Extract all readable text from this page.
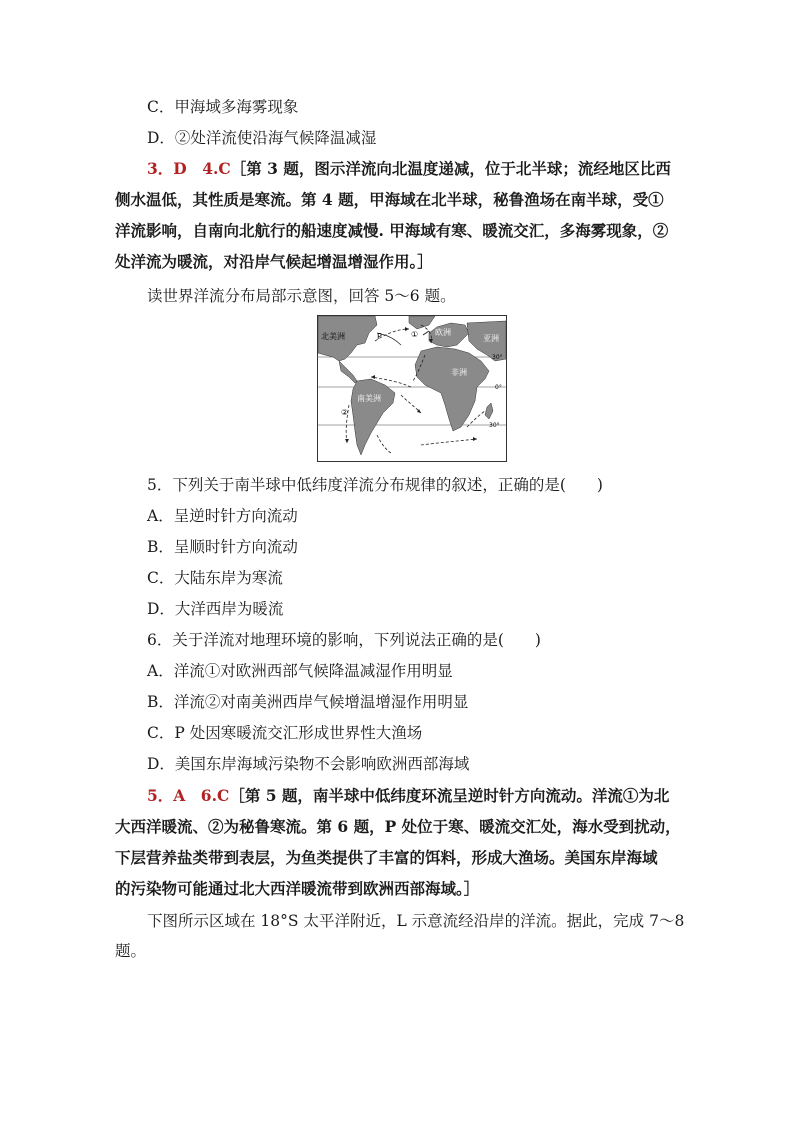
C．甲海域多海雾现象
D．②处洋流使沿海气候降温减湿
3．D　4.C［第 3 题，图示洋流向北温度递减，位于北半球；流经地区比西
侧水温低，其性质是寒流。第 4 题，甲海域在北半球，秘鲁渔场在南半球，受①
洋流影响，自南向北航行的船速度减慢. 甲海域有寒、暖流交汇，多海雾现象，②
处洋流为暖流，对沿岸气候起增温增湿作用。］
读世界洋流分布局部示意图，回答 5～6 题。
北美洲	P	① 欧洲
亚洲
30°
非洲
0°
南美洲
②
30°
5．下列关于南半球中低纬度洋流分布规律的叙述，正确的是(　　)
A．呈逆时针方向流动
B．呈顺时针方向流动
C．大陆东岸为寒流
D．大洋西岸为暖流
6．关于洋流对地理环境的影响，下列说法正确的是(　　)
A．洋流①对欧洲西部气候降温减湿作用明显
B．洋流②对南美洲西岸气候增温增湿作用明显
C．P 处因寒暖流交汇形成世界性大渔场
D．美国东岸海域污染物不会影响欧洲西部海域
5．A　6.C［第 5 题，南半球中低纬度环流呈逆时针方向流动。洋流①为北
大西洋暖流、②为秘鲁寒流。第 6 题，P 处位于寒、暖流交汇处，海水受到扰动，
下层营养盐类带到表层，为鱼类提供了丰富的饵料，形成大渔场。美国东岸海域
的污染物可能通过北大西洋暖流带到欧洲西部海域。］
下图所示区域在 18°S 太平洋附近，L 示意流经沿岸的洋流。据此，完成 7～8
题。
